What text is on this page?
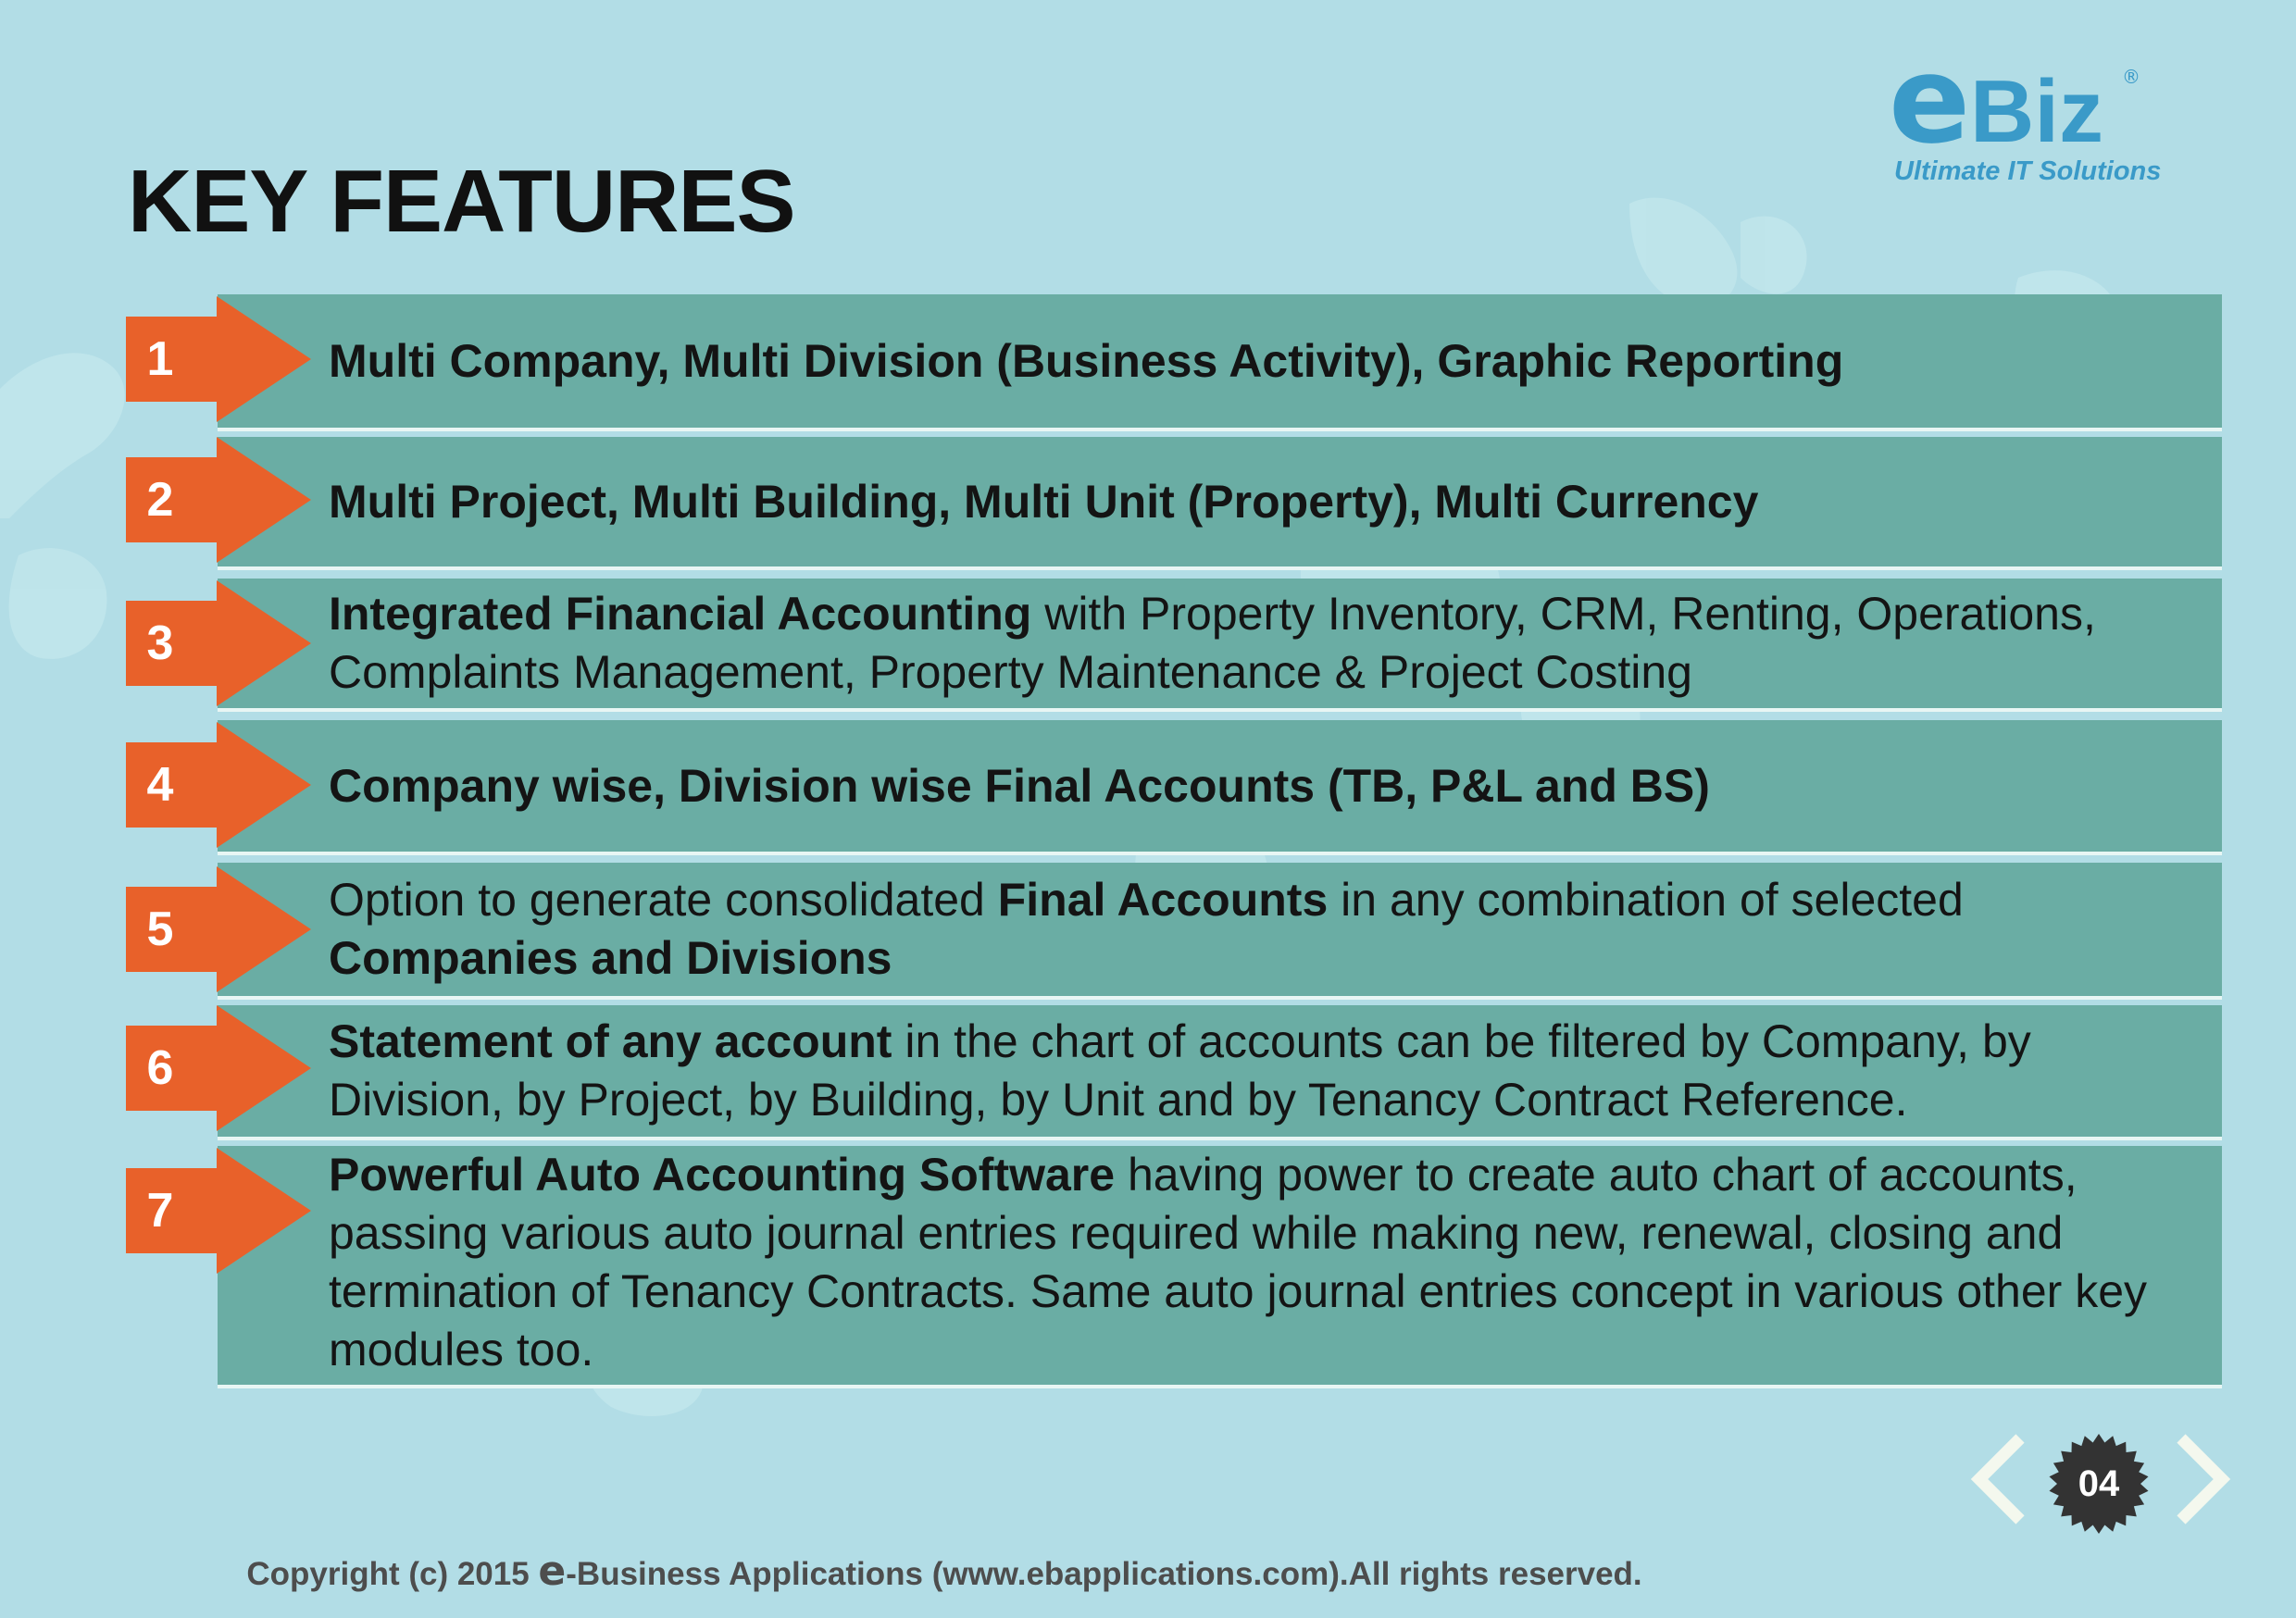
e Biz ®
Ultimate IT Solutions
KEY FEATURES
Multi Company, Multi Division (Business Activity), Graphic Reporting
1
Multi Project, Multi Building, Multi Unit (Property), Multi Currency
2
Integrated Financial Accounting with Property Inventory, CRM, Renting, Operations, Complaints Management, Property Maintenance & Project Costing
3
Company wise, Division wise Final Accounts (TB, P&L and BS)
4
Option to generate consolidated Final Accounts in any combination of selected Companies and Divisions
5
Statement of any account in the chart of accounts can be filtered by Company, by Division, by Project, by Building, by Unit and by Tenancy Contract Reference.
6
Powerful Auto Accounting Software having power to create auto chart of accounts, passing various auto journal entries required while making new, renewal, closing and termination of Tenancy Contracts. Same auto journal entries concept in various other key modules too.
7
04
Copyright (c) 2015 e-Business Applications (www.ebapplications.com).All rights reserved.
